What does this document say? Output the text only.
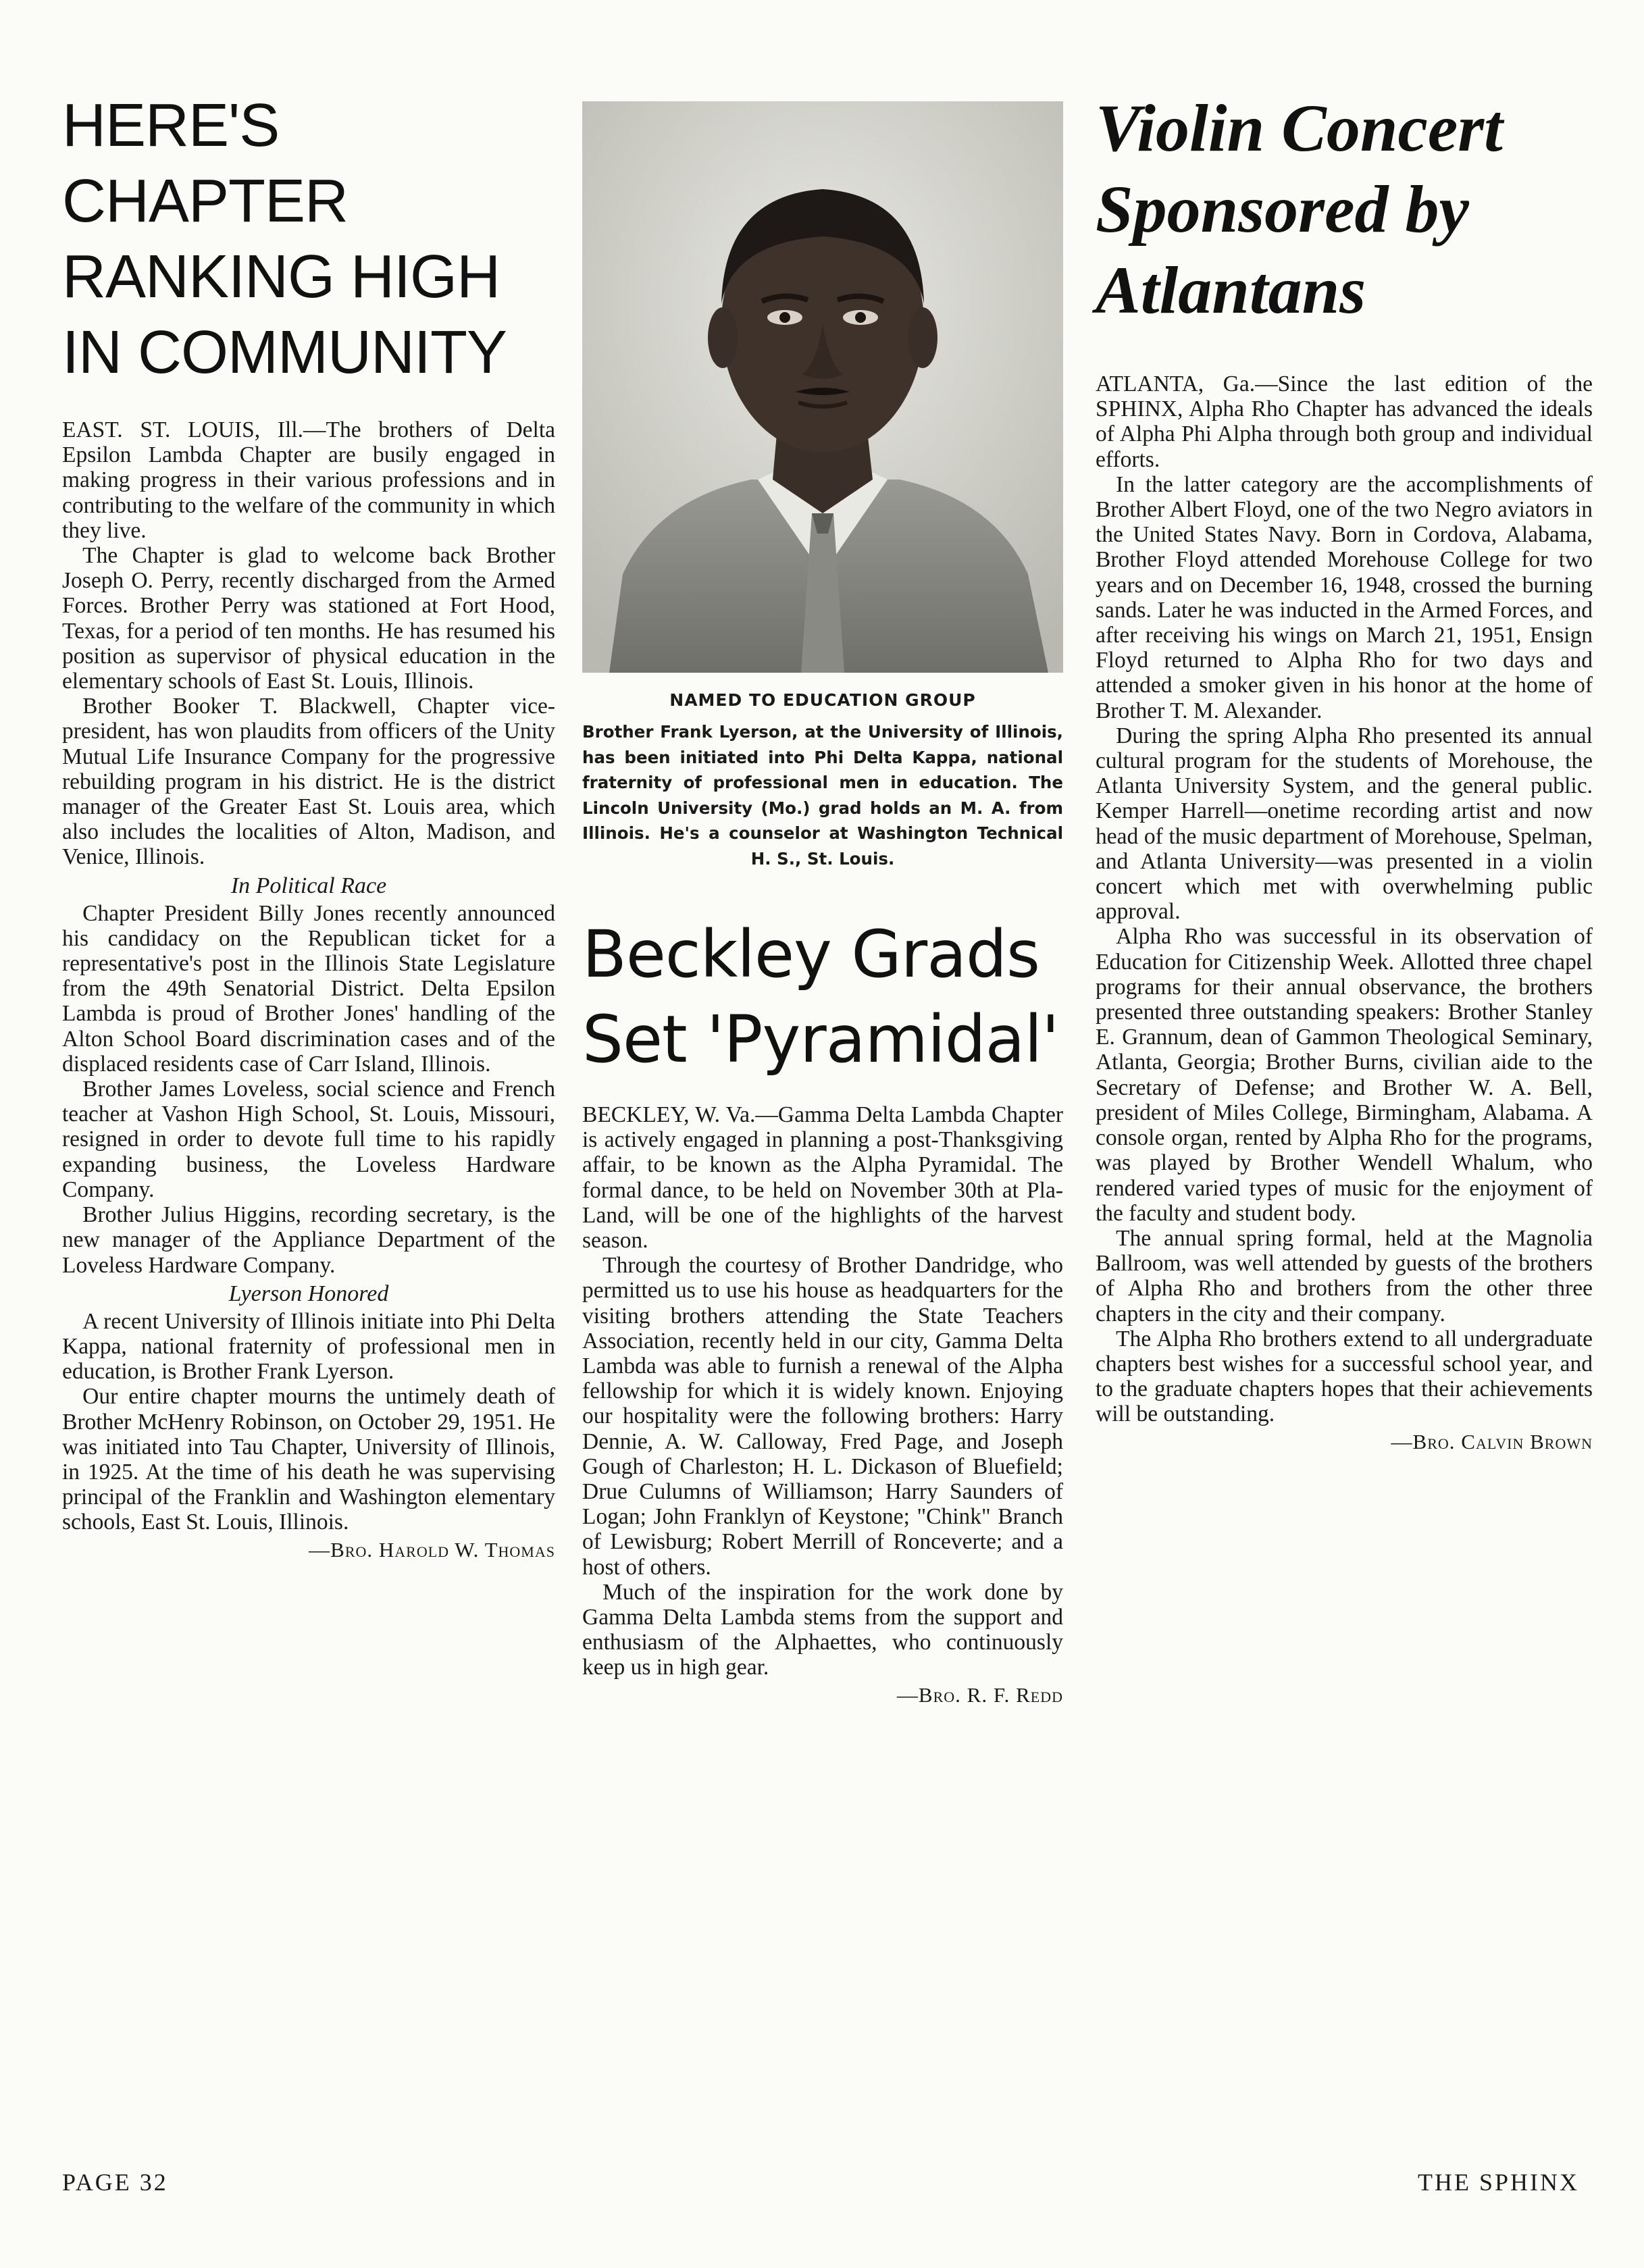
HERE'S CHAPTER
RANKING HIGH
IN COMMUNITY

EAST. ST. LOUIS, Ill.—The brothers of Delta Epsilon Lambda Chapter are busily engaged in making progress in their various professions and in contributing to the welfare of the community in which they live.

The Chapter is glad to welcome back Brother Joseph O. Perry, recently discharged from the Armed Forces. Brother Perry was stationed at Fort Hood, Texas, for a period of ten months. He has resumed his position as supervisor of physical education in the elementary schools of East St. Louis, Illinois.

Brother Booker T. Blackwell, Chapter vice-president, has won plaudits from officers of the Unity Mutual Life Insurance Company for the progressive rebuilding program in his district. He is the district manager of the Greater East St. Louis area, which also includes the localities of Alton, Madison, and Venice, Illinois.

In Political Race

Chapter President Billy Jones recently announced his candidacy on the Republican ticket for a representative's post in the Illinois State Legislature from the 49th Senatorial District. Delta Epsilon Lambda is proud of Brother Jones' handling of the Alton School Board discrimination cases and of the displaced residents case of Carr Island, Illinois.

Brother James Loveless, social science and French teacher at Vashon High School, St. Louis, Missouri, resigned in order to devote full time to his rapidly expanding business, the Loveless Hardware Company.

Brother Julius Higgins, recording secretary, is the new manager of the Appliance Department of the Loveless Hardware Company.

Lyerson Honored

A recent University of Illinois initiate into Phi Delta Kappa, national fraternity of professional men in education, is Brother Frank Lyerson.

Our entire chapter mourns the untimely death of Brother McHenry Robinson, on October 29, 1951. He was initiated into Tau Chapter, University of Illinois, in 1925. At the time of his death he was supervising principal of the Franklin and Washington elementary schools, East St. Louis, Illinois.

—Bro. Harold W. Thomas
NAMED TO EDUCATION GROUP

Brother Frank Lyerson, at the University of Illinois, has been initiated into Phi Delta Kappa, national fraternity of professional men in education. The Lincoln University (Mo.) grad holds an M. A. from Illinois. He's a counselor at Washington Technical H. S., St. Louis.

Beckley Grads
Set 'Pyramidal'

BECKLEY, W. Va.—Gamma Delta Lambda Chapter is actively engaged in planning a post-Thanksgiving affair, to be known as the Alpha Pyramidal. The formal dance, to be held on November 30th at Pla-Land, will be one of the highlights of the harvest season.

Through the courtesy of Brother Dandridge, who permitted us to use his house as headquarters for the visiting brothers attending the State Teachers Association, recently held in our city, Gamma Delta Lambda was able to furnish a renewal of the Alpha fellowship for which it is widely known. Enjoying our hospitality were the following brothers: Harry Dennie, A. W. Calloway, Fred Page, and Joseph Gough of Charleston; H. L. Dickason of Bluefield; Drue Culumns of Williamson; Harry Saunders of Logan; John Franklyn of Keystone; "Chink" Branch of Lewisburg; Robert Merrill of Ronceverte; and a host of others.

Much of the inspiration for the work done by Gamma Delta Lambda stems from the support and enthusiasm of the Alphaettes, who continuously keep us in high gear.

—Bro. R. F. Redd
Violin Concert
Sponsored by
Atlantans

ATLANTA, Ga.—Since the last edition of the SPHINX, Alpha Rho Chapter has advanced the ideals of Alpha Phi Alpha through both group and individual efforts.

In the latter category are the accomplishments of Brother Albert Floyd, one of the two Negro aviators in the United States Navy. Born in Cordova, Alabama, Brother Floyd attended Morehouse College for two years and on December 16, 1948, crossed the burning sands. Later he was inducted in the Armed Forces, and after receiving his wings on March 21, 1951, Ensign Floyd returned to Alpha Rho for two days and attended a smoker given in his honor at the home of Brother T. M. Alexander.

During the spring Alpha Rho presented its annual cultural program for the students of Morehouse, the Atlanta University System, and the general public. Kemper Harrell—onetime recording artist and now head of the music department of Morehouse, Spelman, and Atlanta University—was presented in a violin concert which met with overwhelming public approval.

Alpha Rho was successful in its observation of Education for Citizenship Week. Allotted three chapel programs for their annual observance, the brothers presented three outstanding speakers: Brother Stanley E. Grannum, dean of Gammon Theological Seminary, Atlanta, Georgia; Brother Burns, civilian aide to the Secretary of Defense; and Brother W. A. Bell, president of Miles College, Birmingham, Alabama. A console organ, rented by Alpha Rho for the programs, was played by Brother Wendell Whalum, who rendered varied types of music for the enjoyment of the faculty and student body.

The annual spring formal, held at the Magnolia Ballroom, was well attended by guests of the brothers of Alpha Rho and brothers from the other three chapters in the city and their company.

The Alpha Rho brothers extend to all undergraduate chapters best wishes for a successful school year, and to the graduate chapters hopes that their achievements will be outstanding.

—Bro. Calvin Brown
PAGE 32	THE SPHINX
